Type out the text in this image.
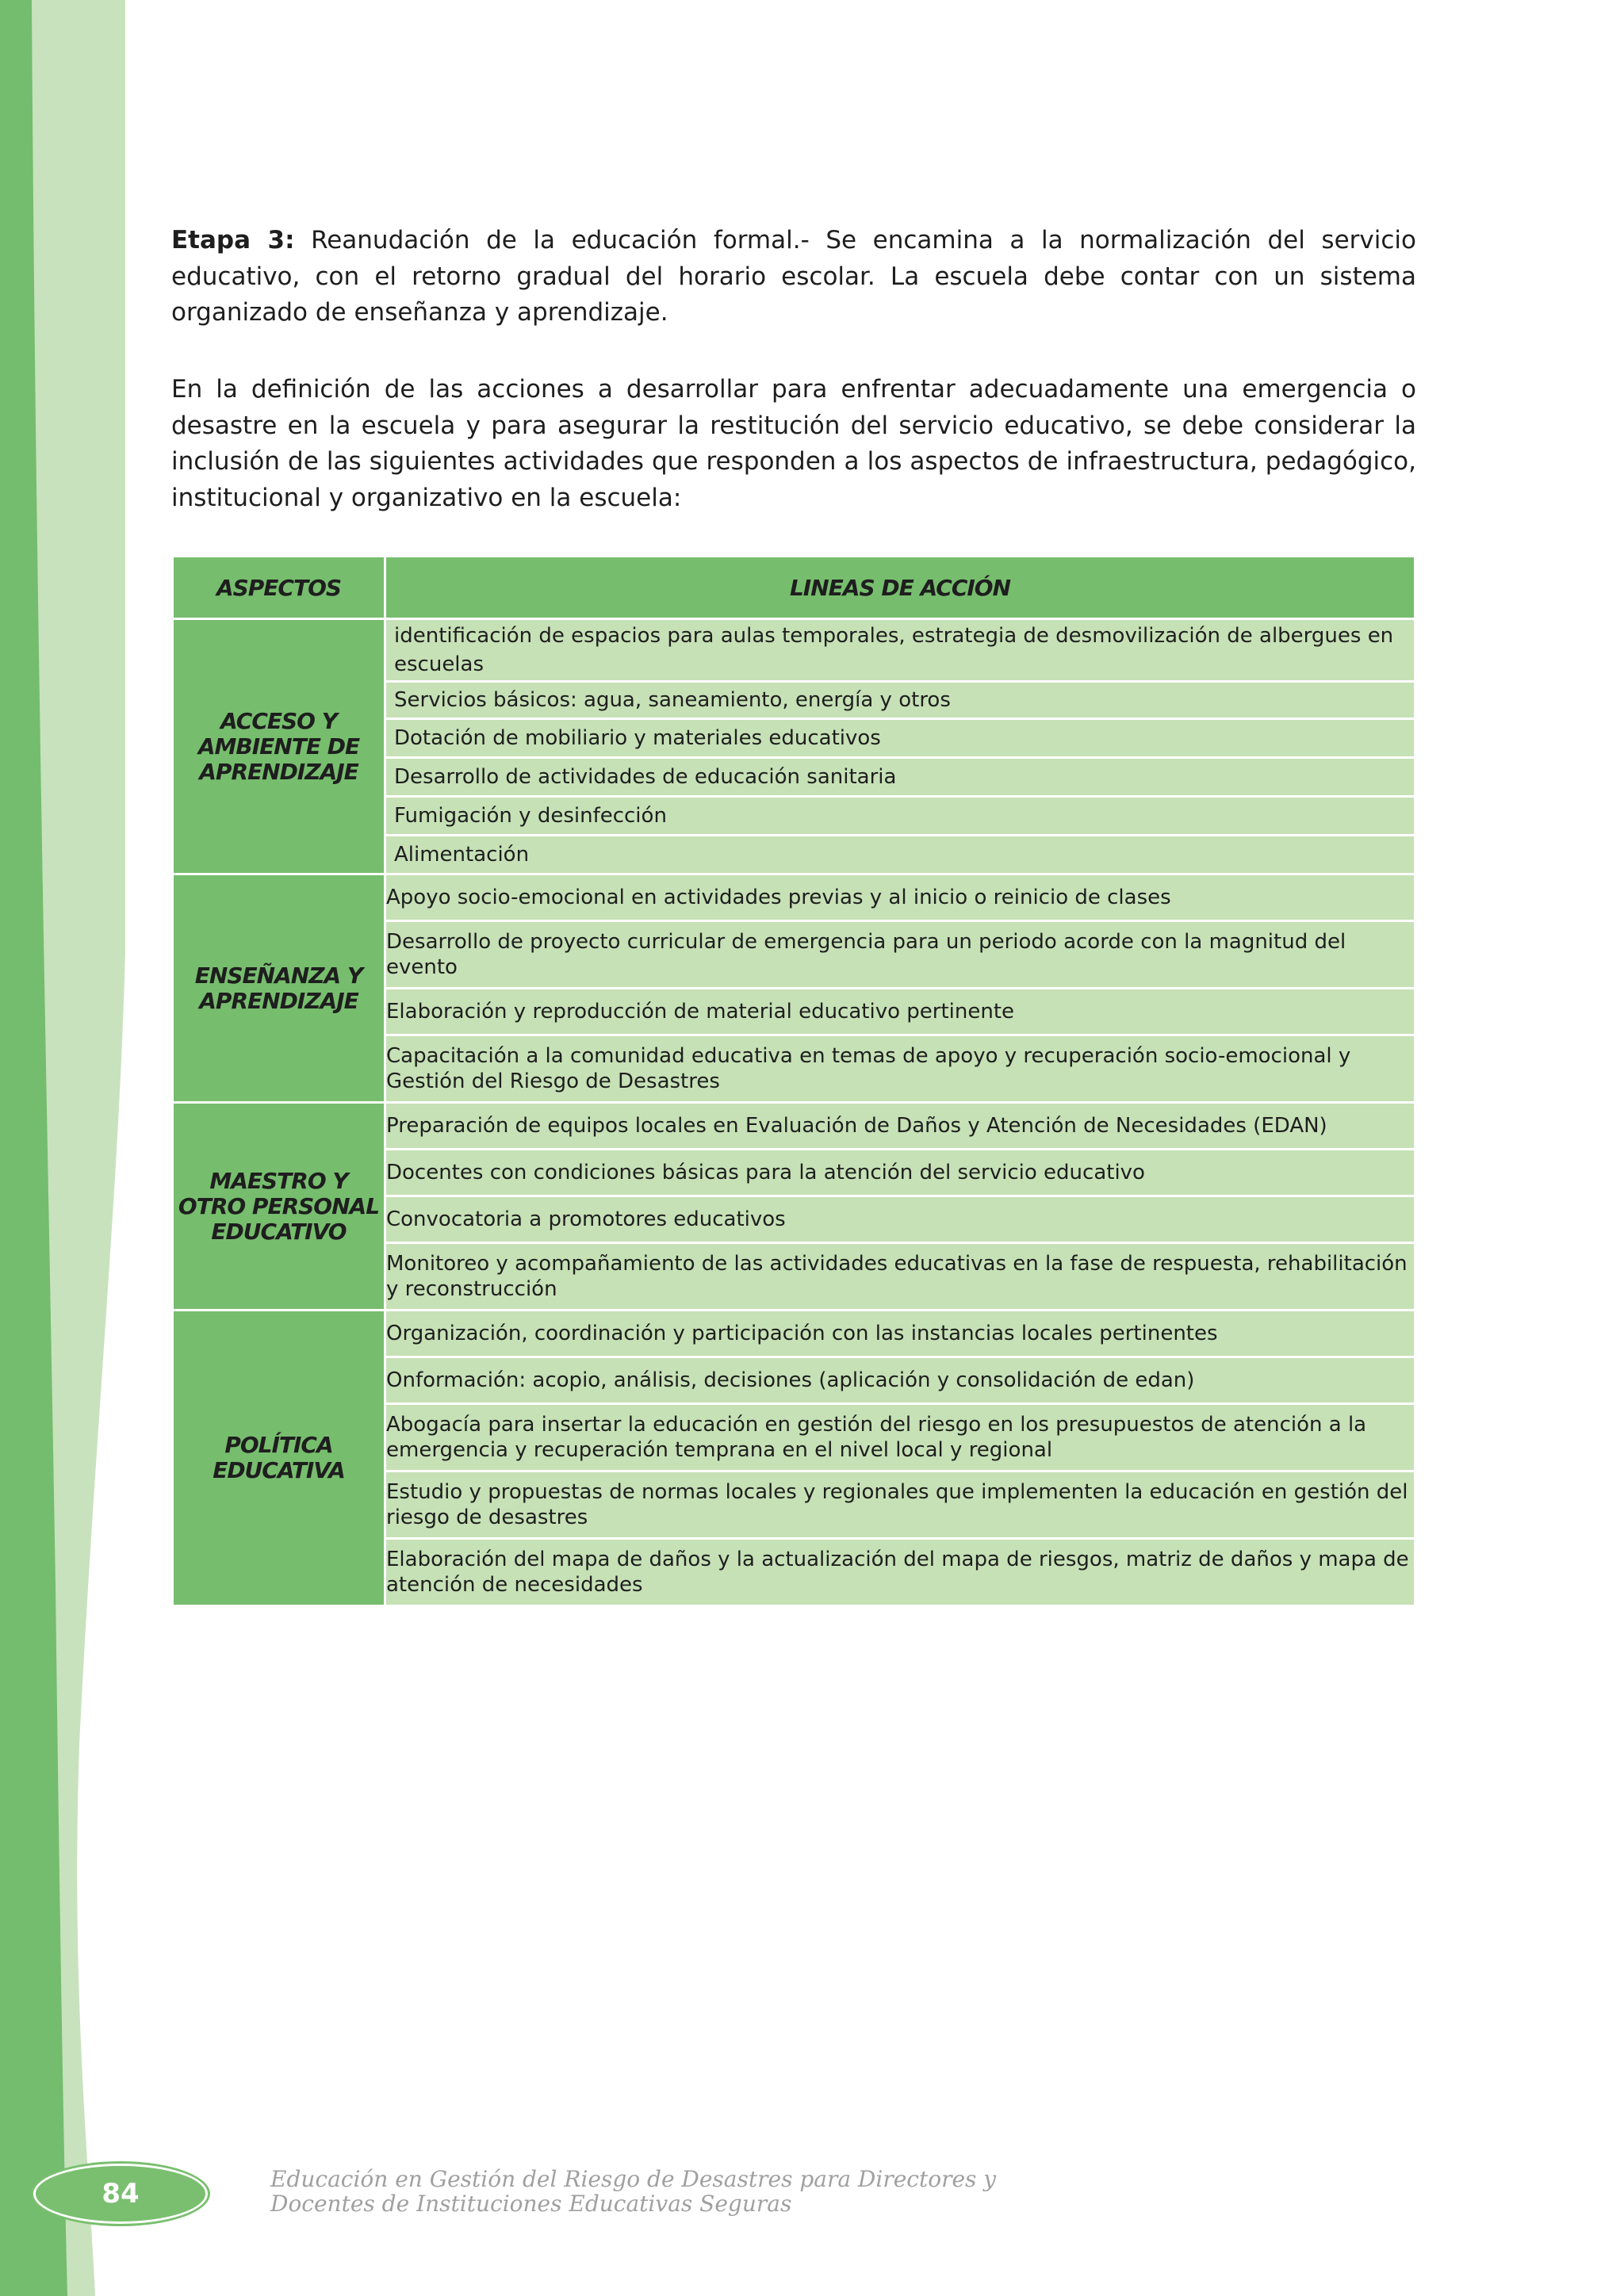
Etapa 3: Reanudación de la educación formal.- Se encamina a la normalización del servicio educativo, con el retorno gradual del horario escolar. La escuela debe contar con un sistema organizado de enseñanza y aprendizaje.

En la definición de las acciones a desarrollar para enfrentar adecuadamente una emergencia o desastre en la escuela y para asegurar la restitución del servicio educativo, se debe considerar la inclusión de las siguientes actividades que responden a los aspectos de infraestructura, pedagógico, institucional y organizativo en la escuela:

ASPECTOS	LINEAS DE ACCIÓN
ACCESO Y AMBIENTE DE APRENDIZAJE	identificación de espacios para aulas temporales, estrategia de desmovilización de albergues en escuelas
	Servicios básicos: agua, saneamiento, energía y otros
	Dotación de mobiliario y materiales educativos
	Desarrollo de actividades de educación sanitaria
	Fumigación y desinfección
	Alimentación
ENSEÑANZA Y APRENDIZAJE	Apoyo socio-emocional en actividades previas y al inicio o reinicio de clases
	Desarrollo de proyecto curricular de emergencia para un periodo acorde con la magnitud del evento
	Elaboración y reproducción de material educativo pertinente
	Capacitación a la comunidad educativa en temas de apoyo y recuperación socio-emocional y Gestión del Riesgo de Desastres
MAESTRO Y OTRO PERSONAL EDUCATIVO	Preparación de equipos locales en Evaluación de Daños y Atención de Necesidades (EDAN)
	Docentes con condiciones básicas para la atención del servicio educativo
	Convocatoria a promotores educativos
	Monitoreo y acompañamiento de las actividades educativas en la fase de respuesta, rehabilitación y reconstrucción
POLÍTICA EDUCATIVA	Organización, coordinación y participación con las instancias locales pertinentes
	Onformación: acopio, análisis, decisiones (aplicación y consolidación de edan)
	Abogacía para insertar la educación en gestión del riesgo en los presupuestos de atención a la emergencia y recuperación temprana en el nivel local y regional
	Estudio y propuestas de normas locales y regionales que implementen la educación en gestión del riesgo de desastres
	Elaboración del mapa de daños y la actualización del mapa de riesgos, matriz de daños y mapa de atención de necesidades
84	Educación en Gestión del Riesgo de Desastres para Directores y
Docentes de Instituciones Educativas Seguras
